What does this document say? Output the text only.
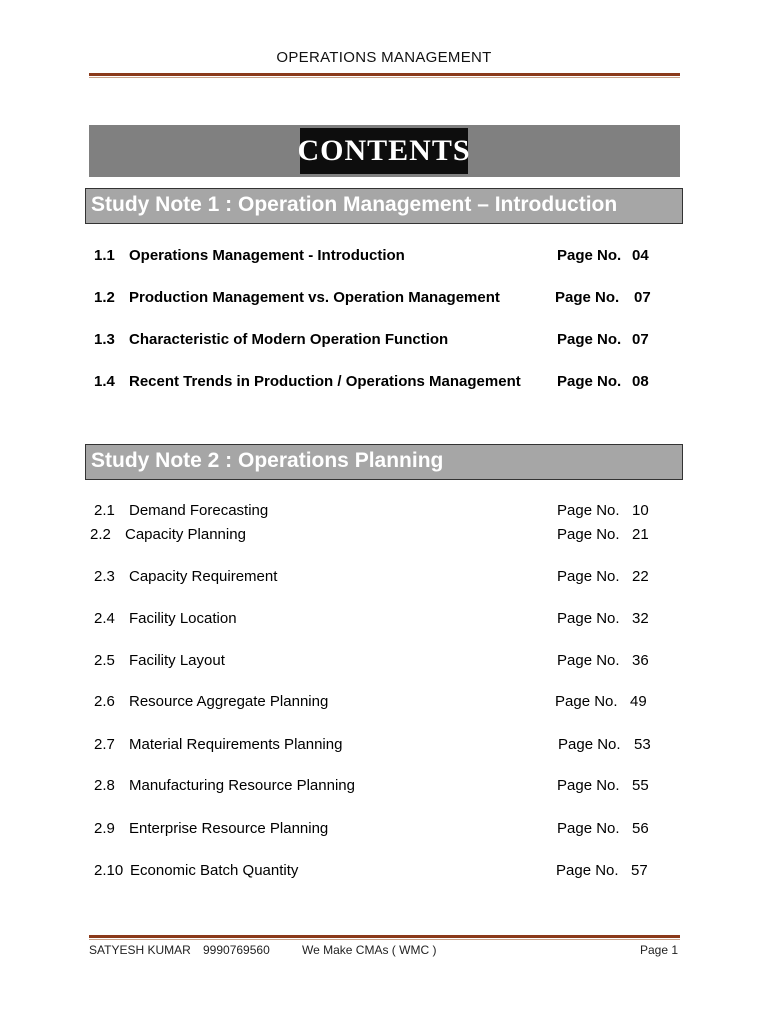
OPERATIONS MANAGEMENT
CONTENTS
Study Note 1 : Operation Management – Introduction
1.1 Operations Management - Introduction	Page No. 04
1.2 Production Management vs. Operation Management	Page No. 07
1.3 Characteristic of Modern Operation Function	Page No. 07
1.4 Recent Trends in Production / Operations Management Page No. 08
Study Note 2 : Operations Planning
2.1 Demand Forecasting	Page No. 10
2.2 Capacity Planning	Page No. 21
2.3 Capacity Requirement	Page No. 22
2.4 Facility Location	Page No. 32
2.5 Facility Layout	Page No. 36
2.6 Resource Aggregate Planning	Page No. 49
2.7 Material Requirements Planning	Page No. 53
2.8 Manufacturing Resource Planning	Page No. 55
2.9 Enterprise Resource Planning	Page No. 56
2.10 Economic Batch Quantity	Page No. 57
SATYESH KUMAR 9990769560	We Make CMAs ( WMC )	Page 1
